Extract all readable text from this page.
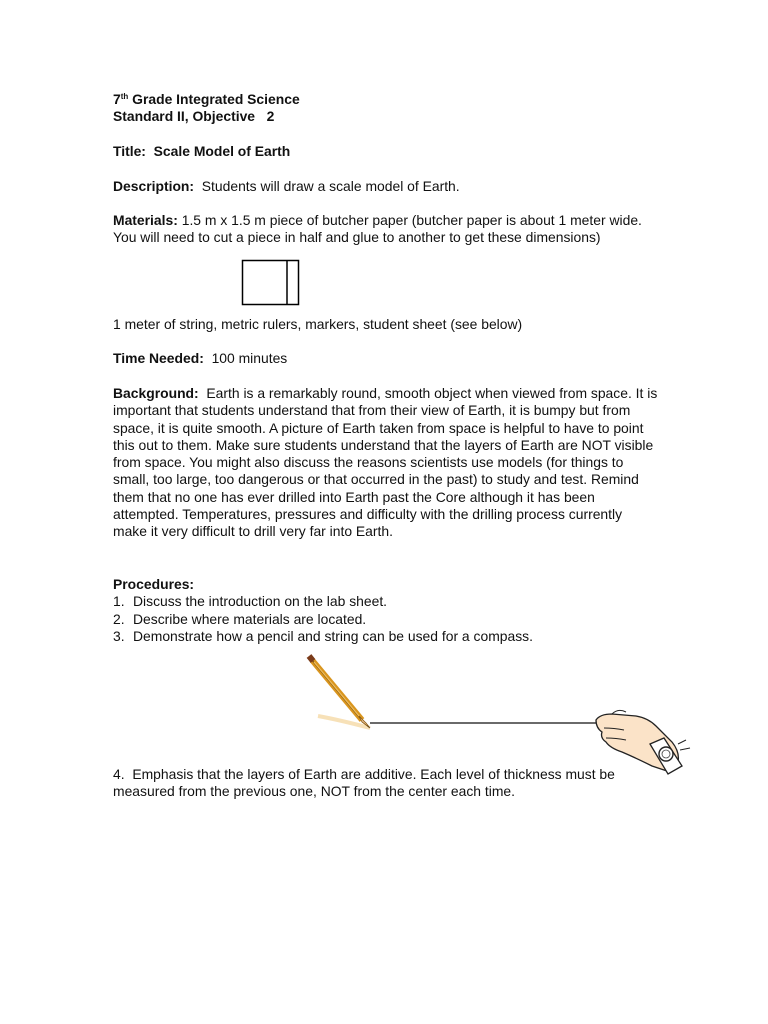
7th Grade Integrated Science
Standard II, Objective   2
Title: Scale Model of Earth
Description: Students will draw a scale model of Earth.
Materials: 1.5 m x 1.5 m piece of butcher paper (butcher paper is about 1 meter wide. You will need to cut a piece in half and glue to another to get these dimensions)
1 meter of string, metric rulers, markers, student sheet (see below)
Time Needed: 100 minutes
Background: Earth is a remarkably round, smooth object when viewed from space. It is important that students understand that from their view of Earth, it is bumpy but from space, it is quite smooth. A picture of Earth taken from space is helpful to have to point this out to them. Make sure students understand that the layers of Earth are NOT visible from space. You might also discuss the reasons scientists use models (for things to small, too large, too dangerous or that occurred in the past) to study and test. Remind them that no one has ever drilled into Earth past the Core although it has been attempted. Temperatures, pressures and difficulty with the drilling process currently make it very difficult to drill very far into Earth.
Procedures:
1. Discuss the introduction on the lab sheet.
2. Describe where materials are located.
3. Demonstrate how a pencil and string can be used for a compass.
4. Emphasis that the layers of Earth are additive. Each level of thickness must be measured from the previous one, NOT from the center each time.
